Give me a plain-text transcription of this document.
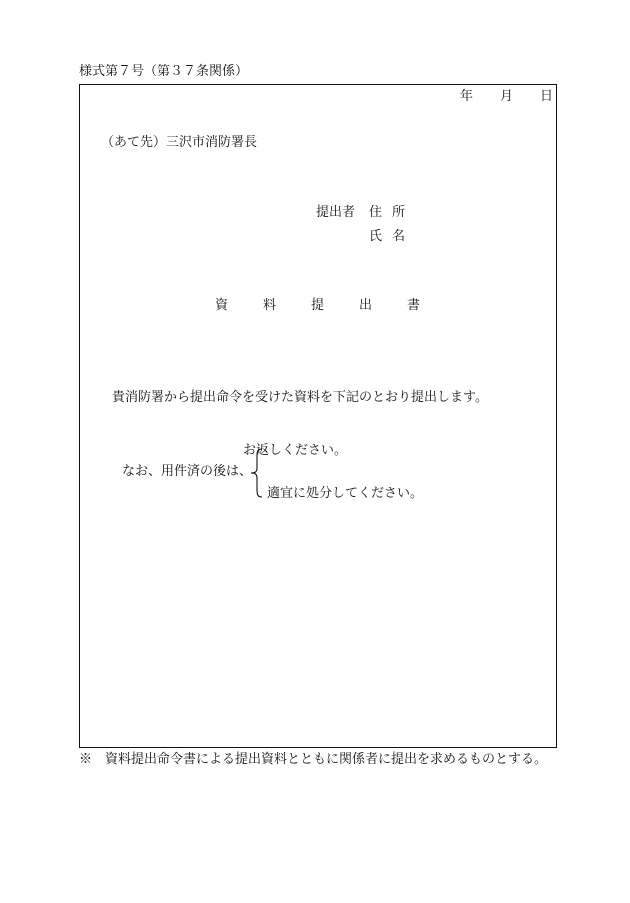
様式第７号（第３７条関係）
年 月 日
（あて先）三沢市消防署長
提出者 住所
氏名
資料提出書
貴消防署から提出命令を受けた資料を下記のとおり提出します。
お返しください。
なお、用件済の後は、
適宜に処分してください。
※　資料提出命令書による提出資料とともに関係者に提出を求めるものとする。
